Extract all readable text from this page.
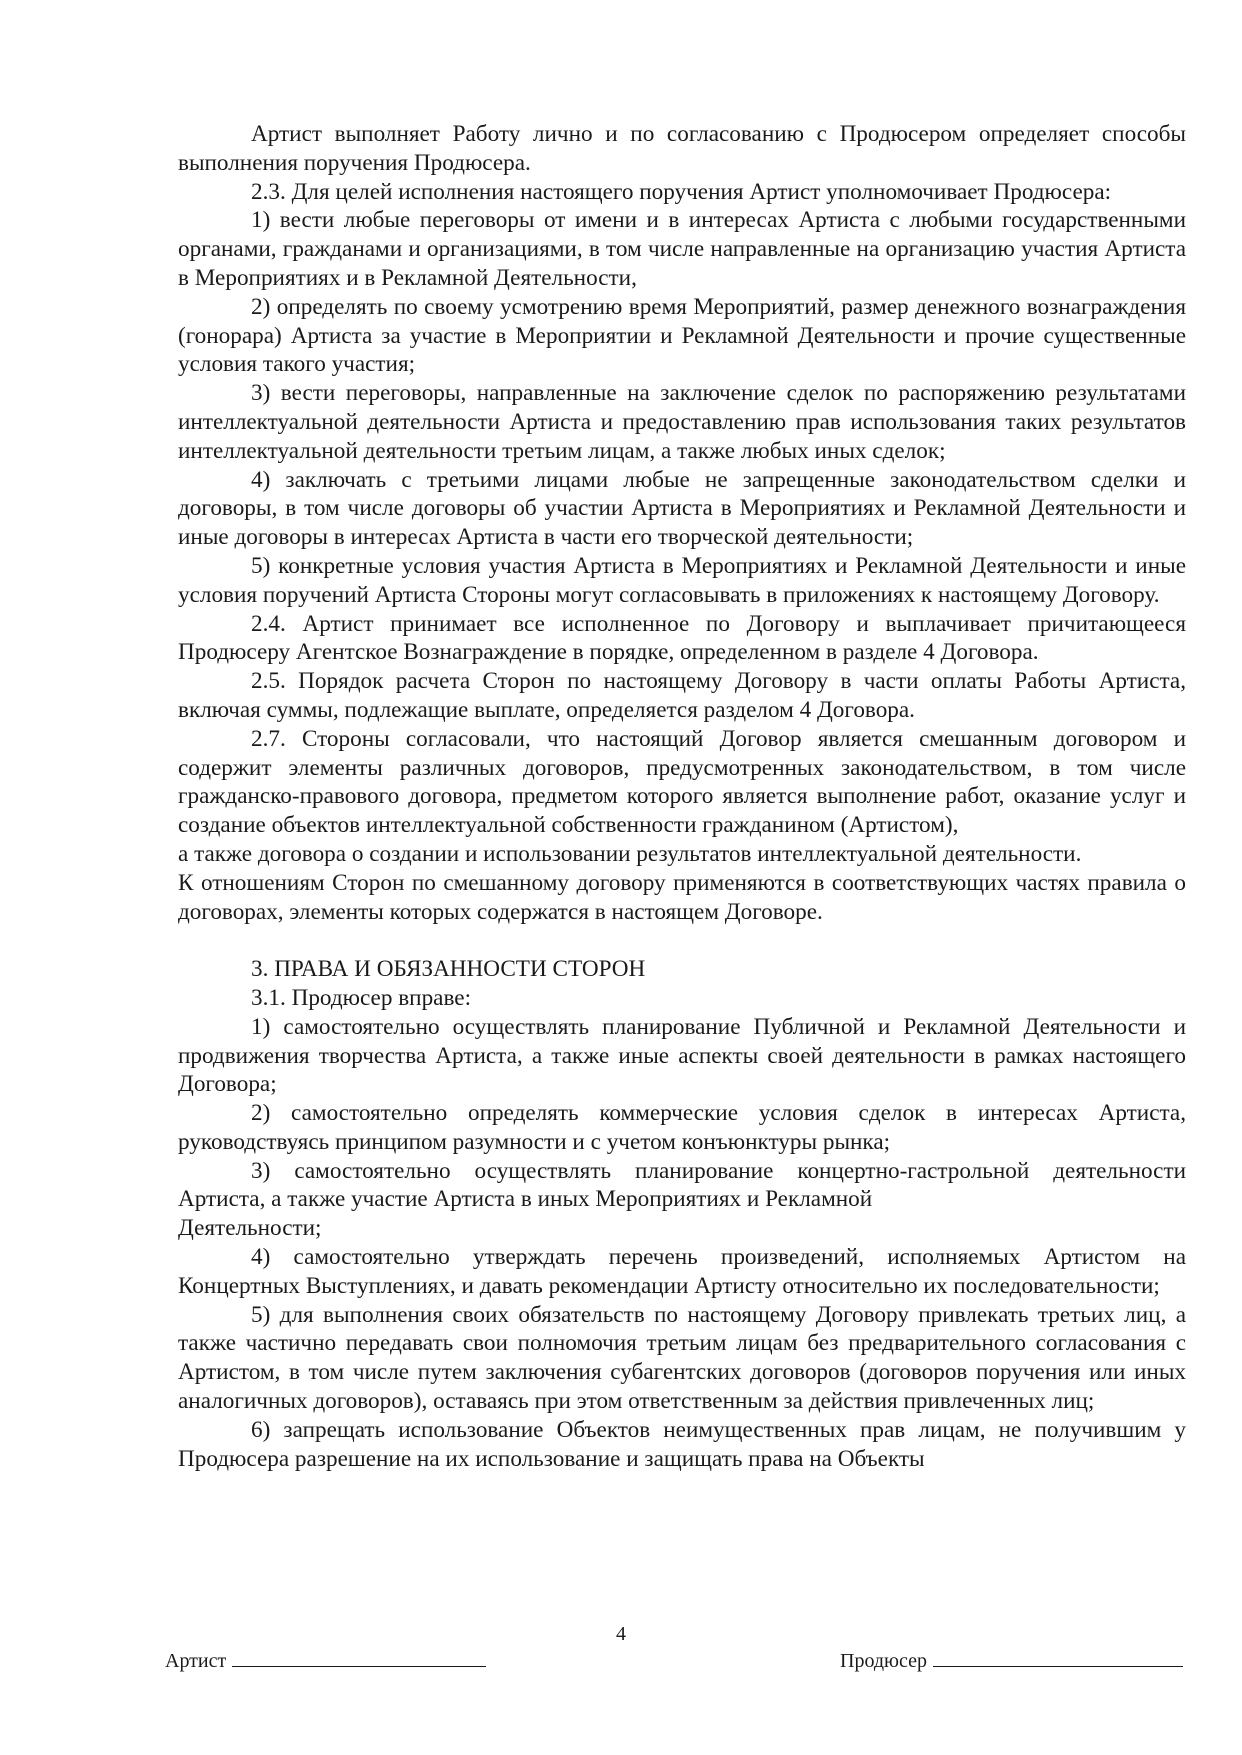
Артист выполняет Работу лично и по согласованию с Продюсером определяет способы выполнения поручения Продюсера.

2.3. Для целей исполнения настоящего поручения Артист уполномочивает Продюсера:

1) вести любые переговоры от имени и в интересах Артиста с любыми государственными органами, гражданами и организациями, в том числе направленные на организацию участия Артиста в Мероприятиях и в Рекламной Деятельности,

2) определять по своему усмотрению время Мероприятий, размер денежного вознаграждения (гонорара) Артиста за участие в Мероприятии и Рекламной Деятельности и прочие существенные условия такого участия;

3) вести переговоры, направленные на заключение сделок по распоряжению результатами интеллектуальной деятельности Артиста и предоставлению прав использования таких результатов интеллектуальной деятельности третьим лицам, а также любых иных сделок;

4) заключать с третьими лицами любые не запрещенные законодательством сделки и договоры, в том числе договоры об участии Артиста в Мероприятиях и Рекламной Деятельности и иные договоры в интересах Артиста в части его творческой деятельности;

5) конкретные условия участия Артиста в Мероприятиях и Рекламной Деятельности и иные условия поручений Артиста Стороны могут согласовывать в приложениях к настоящему Договору.

2.4. Артист принимает все исполненное по Договору и выплачивает причитающееся Продюсеру Агентское Вознаграждение в порядке, определенном в разделе 4 Договора.

2.5. Порядок расчета Сторон по настоящему Договору в части оплаты Работы Артиста, включая суммы, подлежащие выплате, определяется разделом 4 Договора.

2.7. Стороны согласовали, что настоящий Договор является смешанным договором и содержит элементы различных договоров, предусмотренных законодательством, в том числе гражданско-правового договора, предметом которого является выполнение работ, оказание услуг и создание объектов интеллектуальной собственности гражданином (Артистом),

а также договора о создании и использовании результатов интеллектуальной деятельности.

К отношениям Сторон по смешанному договору применяются в соответствующих частях правила о договорах, элементы которых содержатся в настоящем Договоре.

3. ПРАВА И ОБЯЗАННОСТИ СТОРОН

3.1. Продюсер вправе:

1) самостоятельно осуществлять планирование Публичной и Рекламной Деятельности и продвижения творчества Артиста, а также иные аспекты своей деятельности в рамках настоящего Договора;

2) самостоятельно определять коммерческие условия сделок в интересах Артиста, руководствуясь принципом разумности и с учетом конъюнктуры рынка;

3) самостоятельно осуществлять планирование концертно-гастрольной деятельности Артиста, а также участие Артиста в иных Мероприятиях и Рекламной

Деятельности;

4) самостоятельно утверждать перечень произведений, исполняемых Артистом на Концертных Выступлениях, и давать рекомендации Артисту относительно их последовательности;

5) для выполнения своих обязательств по настоящему Договору привлекать третьих лиц, а также частично передавать свои полномочия третьим лицам без предварительного согласования с Артистом, в том числе путем заключения субагентских договоров (договоров поручения или иных аналогичных договоров), оставаясь при этом ответственным за действия привлеченных лиц;

6) запрещать использование Объектов неимущественных прав лицам, не получившим у Продюсера разрешение на их использование и защищать права на Объекты

4
Артист	Продюсер
